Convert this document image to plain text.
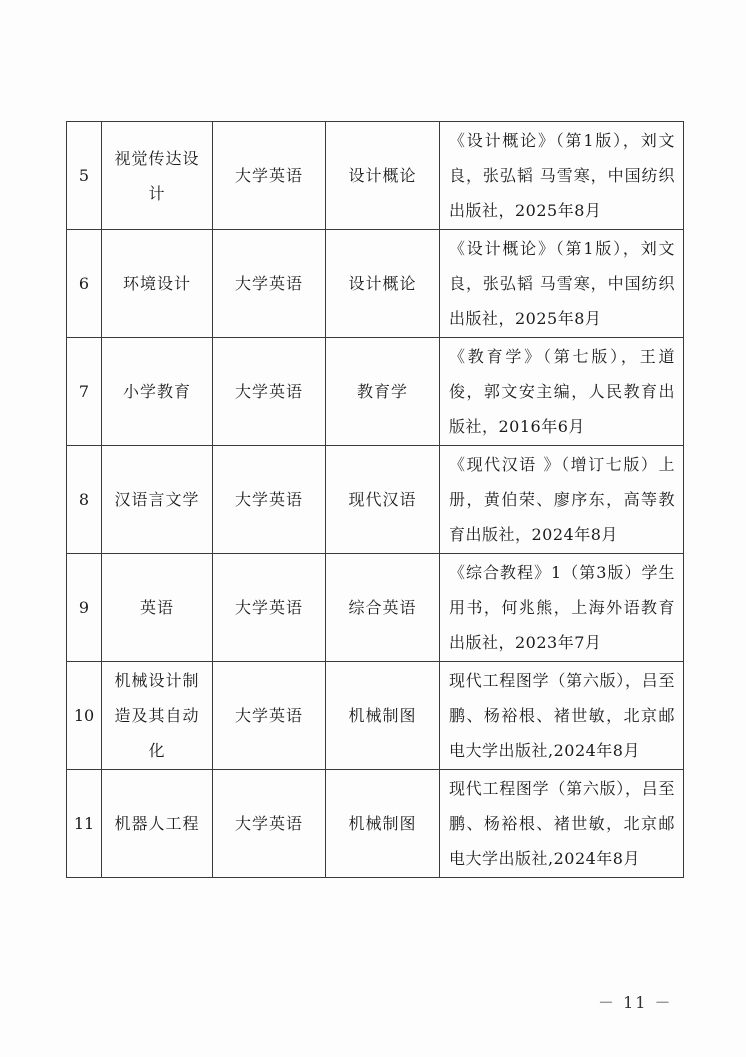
5	视觉传达设计	大学英语	设计概论	《设计概论》（第1版），刘文良，张弘韬 马雪寒，中国纺织出版社，2025年8月
6	环境设计	大学英语	设计概论	《设计概论》（第1版），刘文良，张弘韬 马雪寒，中国纺织出版社，2025年8月
7	小学教育	大学英语	教育学	《教育学》（第七版），王道俊，郭文安主编，人民教育出版社，2016年6月
8	汉语言文学	大学英语	现代汉语	《现代汉语 》（增订七版）上册，黄伯荣、廖序东，高等教育出版社，2024年8月
9	英语	大学英语	综合英语	《综合教程》1（第3版）学生用书，何兆熊，上海外语教育出版社，2023年7月
10	机械设计制造及其自动化	大学英语	机械制图	现代工程图学（第六版），吕至鹏、杨裕根、褚世敏，北京邮电大学出版社,2024年8月
11	机器人工程	大学英语	机械制图	现代工程图学（第六版），吕至鹏、杨裕根、褚世敏，北京邮电大学出版社,2024年8月
－ 11 －
